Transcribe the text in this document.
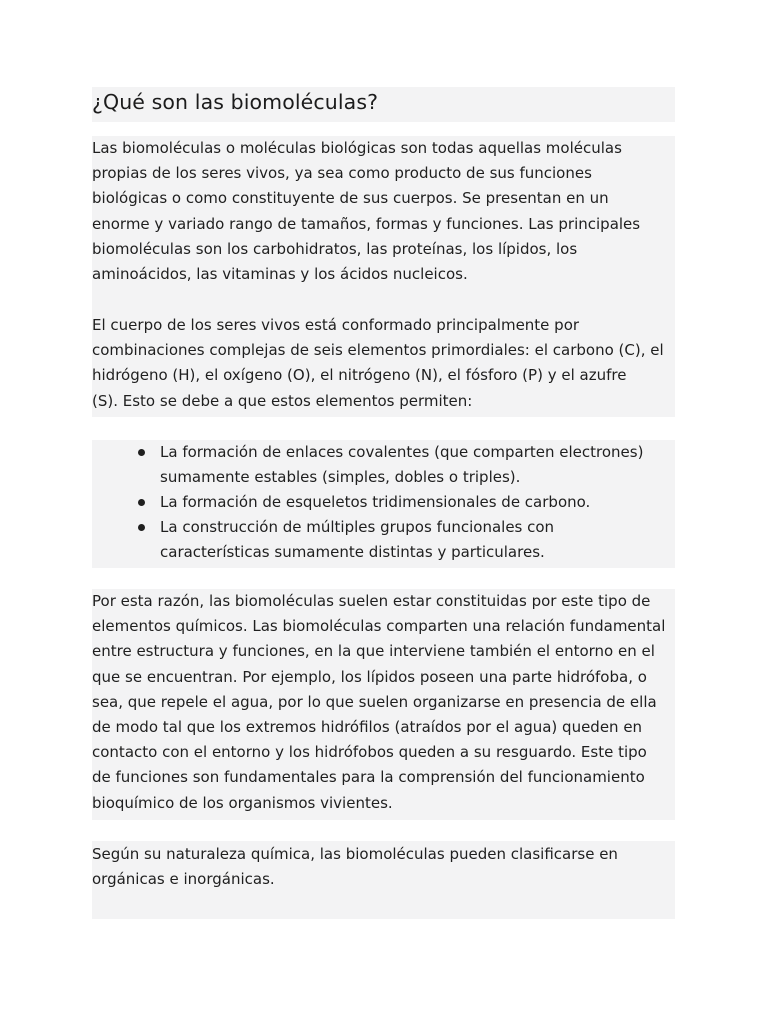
¿Qué son las biomoléculas?

Las biomoléculas o moléculas biológicas son todas aquellas moléculas
propias de los seres vivos, ya sea como producto de sus funciones
biológicas o como constituyente de sus cuerpos. Se presentan en un
enorme y variado rango de tamaños, formas y funciones. Las principales
biomoléculas son los carbohidratos, las proteínas, los lípidos, los
aminoácidos, las vitaminas y los ácidos nucleicos.

El cuerpo de los seres vivos está conformado principalmente por
combinaciones complejas de seis elementos primordiales: el carbono (C), el
hidrógeno (H), el oxígeno (O), el nitrógeno (N), el fósforo (P) y el azufre
(S). Esto se debe a que estos elementos permiten:

La formación de enlaces covalentes (que comparten electrones)
sumamente estables (simples, dobles o triples).
La formación de esqueletos tridimensionales de carbono.
La construcción de múltiples grupos funcionales con
características sumamente distintas y particulares.

Por esta razón, las biomoléculas suelen estar constituidas por este tipo de
elementos químicos. Las biomoléculas comparten una relación fundamental
entre estructura y funciones, en la que interviene también el entorno en el
que se encuentran. Por ejemplo, los lípidos poseen una parte hidrófoba, o
sea, que repele el agua, por lo que suelen organizarse en presencia de ella
de modo tal que los extremos hidrófilos (atraídos por el agua) queden en
contacto con el entorno y los hidrófobos queden a su resguardo. Este tipo
de funciones son fundamentales para la comprensión del funcionamiento
bioquímico de los organismos vivientes.

Según su naturaleza química, las biomoléculas pueden clasificarse en
orgánicas e inorgánicas.
